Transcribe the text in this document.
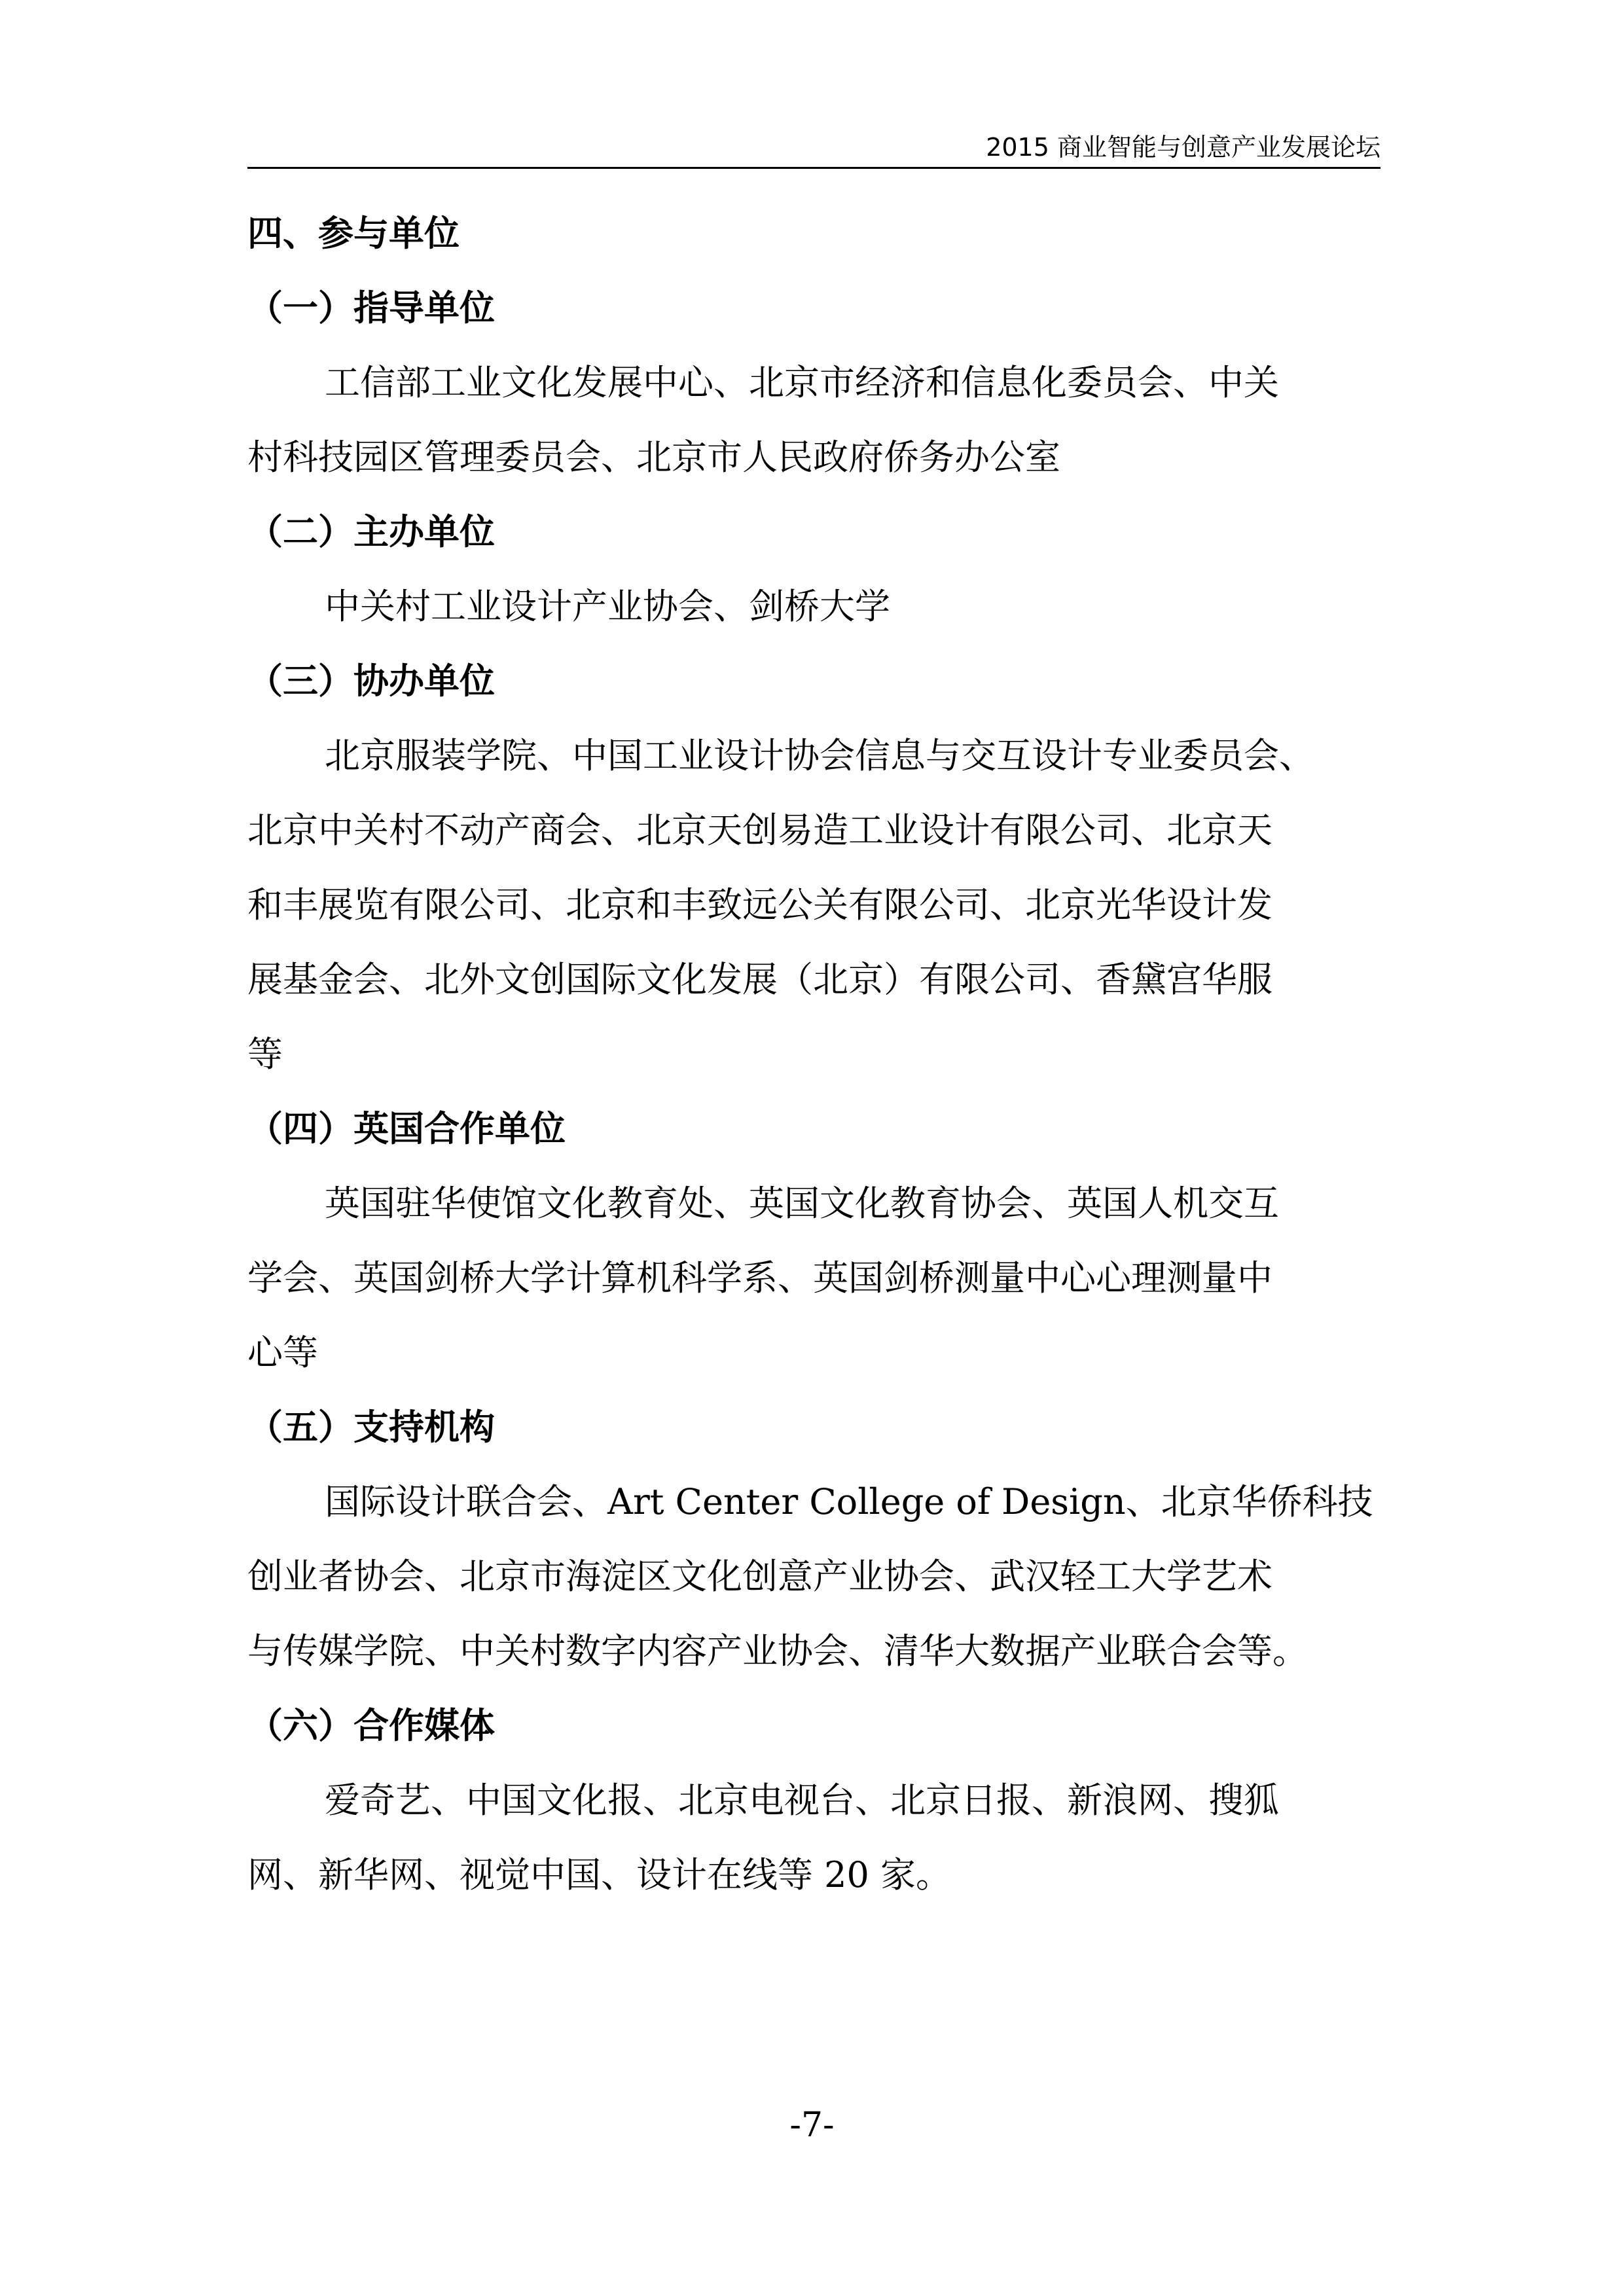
2015 商业智能与创意产业发展论坛
四、参与单位
（一）指导单位

工信部工业文化发展中心、北京市经济和信息化委员会、中关
村科技园区管理委员会、北京市人民政府侨务办公室

（二）主办单位

中关村工业设计产业协会、剑桥大学

（三）协办单位

北京服装学院、中国工业设计协会信息与交互设计专业委员会、
北京中关村不动产商会、北京天创易造工业设计有限公司、北京天
和丰展览有限公司、北京和丰致远公关有限公司、北京光华设计发
展基金会、北外文创国际文化发展（北京）有限公司、香黛宫华服
等

（四）英国合作单位

英国驻华使馆文化教育处、英国文化教育协会、英国人机交互
学会、英国剑桥大学计算机科学系、英国剑桥测量中心心理测量中
心等

（五）支持机构

国际设计联合会、Art Center College of Design、北京华侨科技
创业者协会、北京市海淀区文化创意产业协会、武汉轻工大学艺术
与传媒学院、中关村数字内容产业协会、清华大数据产业联合会等。

（六）合作媒体

爱奇艺、中国文化报、北京电视台、北京日报、新浪网、搜狐
网、新华网、视觉中国、设计在线等 20 家。

-7-
